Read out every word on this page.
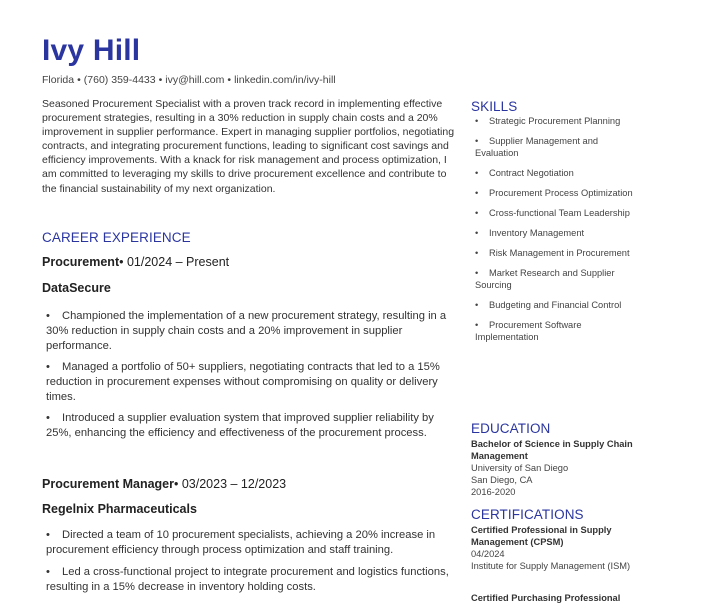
Ivy Hill
Florida • (760) 359-4433 • ivy@hill.com • linkedin.com/in/ivy-hill

Seasoned Procurement Specialist with a proven track record in implementing effective procurement strategies, resulting in a 30% reduction in supply chain costs and a 20% improvement in supplier performance. Expert in managing supplier portfolios, negotiating contracts, and integrating procurement functions, leading to significant cost savings and efficiency improvements. With a knack for risk management and process optimization, I am committed to leveraging my skills to drive procurement excellence and contribute to the financial sustainability of my next organization.

CAREER EXPERIENCE
Procurement• 01/2024 – Present
DataSecure
• Championed the implementation of a new procurement strategy, resulting in a 30% reduction in supply chain costs and a 20% improvement in supplier performance.
• Managed a portfolio of 50+ suppliers, negotiating contracts that led to a 15% reduction in procurement expenses without compromising on quality or delivery times.
• Introduced a supplier evaluation system that improved supplier reliability by 25%, enhancing the efficiency and effectiveness of the procurement process.
Procurement Manager• 03/2023 – 12/2023
Regelnix Pharmaceuticals
• Directed a team of 10 procurement specialists, achieving a 20% increase in procurement efficiency through process optimization and staff training.
• Led a cross-functional project to integrate procurement and logistics functions, resulting in a 15% decrease in inventory holding costs.
SKILLS
• Strategic Procurement Planning
• Supplier Management and Evaluation
• Contract Negotiation
• Procurement Process Optimization
• Cross-functional Team Leadership
• Inventory Management
• Risk Management in Procurement
• Market Research and Supplier Sourcing
• Budgeting and Financial Control
• Procurement Software Implementation
EDUCATION
Bachelor of Science in Supply Chain Management
University of San Diego
San Diego, CA
2016-2020
CERTIFICATIONS
Certified Professional in Supply Management (CPSM)
04/2024
Institute for Supply Management (ISM)
Certified Purchasing Professional
